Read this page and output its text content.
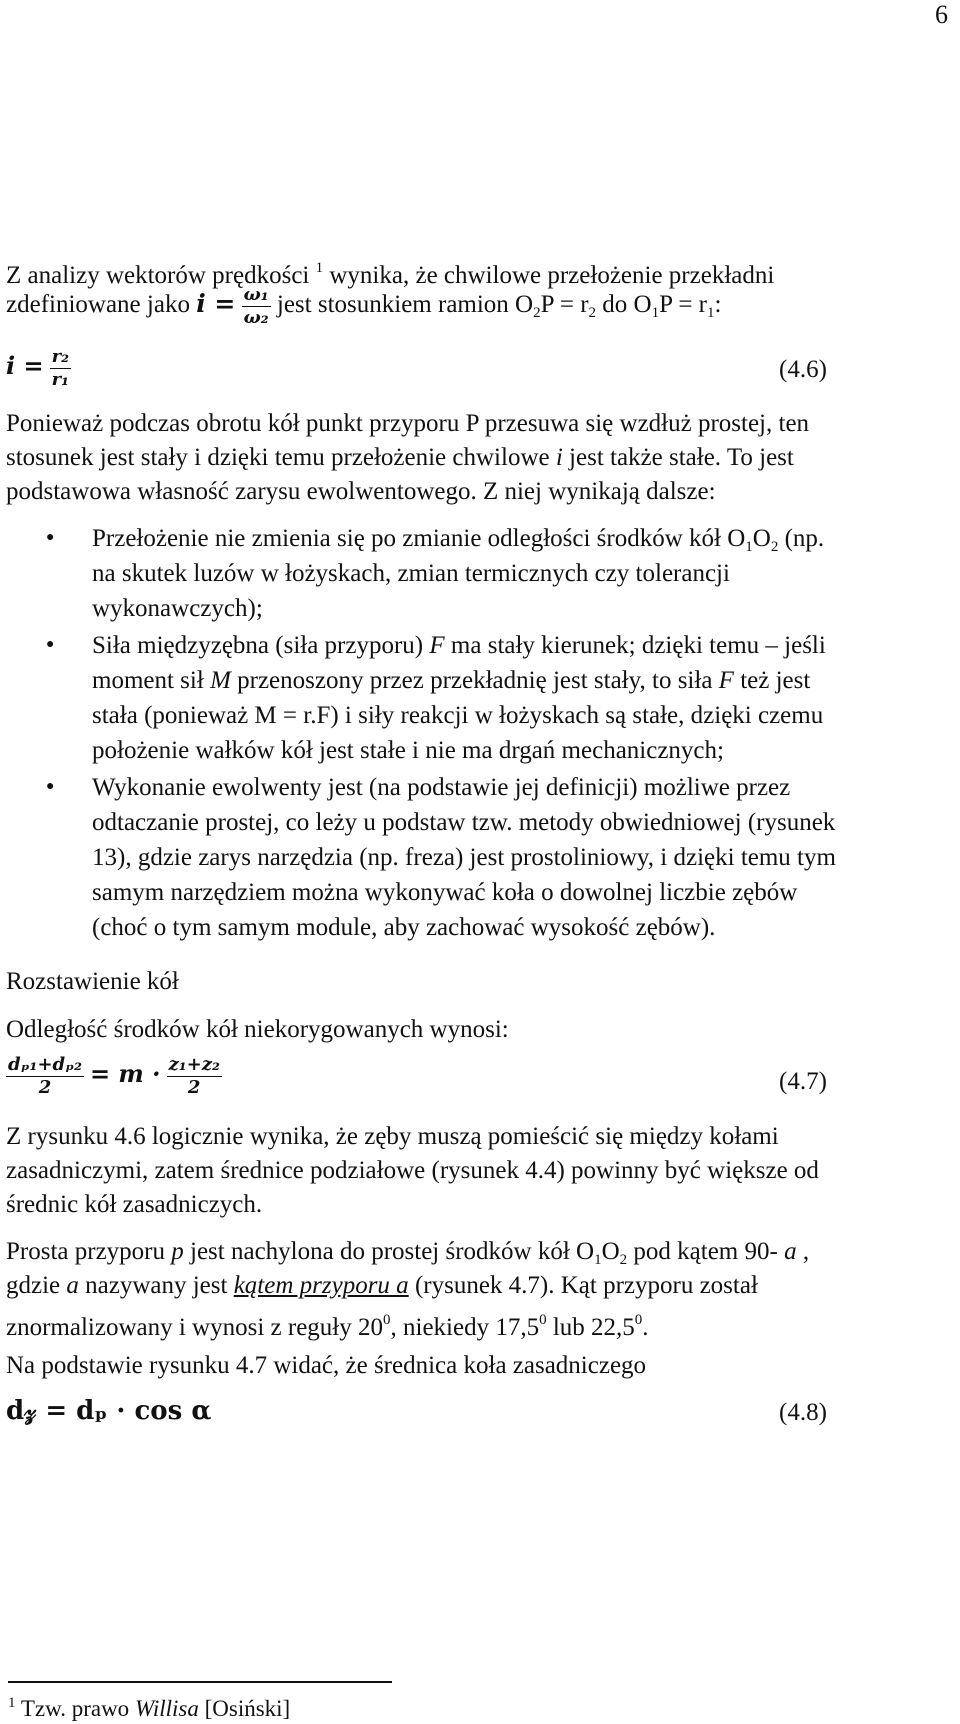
6
Z analizy wektorów prędkości $^1$ wynika, że chwilowe przełożenie przekładni
zdefiniowane jako $i = \frac{\text{ω₁}}{\text{ω₂}}$ jest stosunkiem ramion $O_2P = r_2$ do $O_1P = r_1$:
$i = \frac{\text{r₂}}{\text{r₁}}$	(4.6)
Ponieważ podczas obrotu kół punkt przyporu P przesuwa się wzdłuż prostej, ten
stosunek jest stały i dzięki temu przełożenie chwilowe i jest także stałe. To jest
podstawowa własność zarysu ewolwentowego. Z niej wynikają dalsze:
● Przełożenie nie zmienia się po zmianie odległości środków kół $O_1O_2$ (np.
na skutek luzów w łożyskach, zmian termicznych czy tolerancji
wykonawczych);
● Siła międzyzębna (siła przyporu) F ma stały kierunek; dzięki temu – jeśli
moment sił M przenoszony przez przekładnię jest stały, to siła F też jest
stała (ponieważ M = r.F) i siły reakcji w łożyskach są stałe, dzięki czemu
położenie wałków kół jest stałe i nie ma drgań mechanicznych;
● Wykonanie ewolwenty jest (na podstawie jej definicji) możliwe przez
odtaczanie prostej, co leży u podstaw tzw. metody obwiedniowej (rysunek
13), gdzie zarys narzędzia (np. freza) jest prostoliniowy, i dzięki temu tym
samym narzędziem można wykonywać koła o dowolnej liczbie zębów
(choć o tym samym module, aby zachować wysokość zębów).
Rozstawienie kół
Odległość środków kół niekorygowanych wynosi:
$\frac{\text{dₚ₁+dₚ₂}}{2} = m \cdot \frac{\text{z₁+z₂}}{2}$	(4.7)
Z rysunku 4.6 logicznie wynika, że zęby muszą pomieścić się między kołami
zasadniczymi, zatem średnice podziałowe (rysunek 4.4) powinny być większe od
średnic kół zasadniczych.
Prosta przyporu p jest nachylona do prostej środków kół $O_1O_2$ pod kątem 90- a ,
gdzie a nazywany jest kątem przyporu a (rysunek 4.7). Kąt przyporu został
znormalizowany i wynosi z reguły $20^0$, niekiedy 17,5$^0$ lub 22,5$^0$.
Na podstawie rysunku 4.7 widać, że średnica koła zasadniczego
d𝓏 = dₚ · cos α	(4.8)
$^1$ Tzw. prawo Willisa [Osiński]
